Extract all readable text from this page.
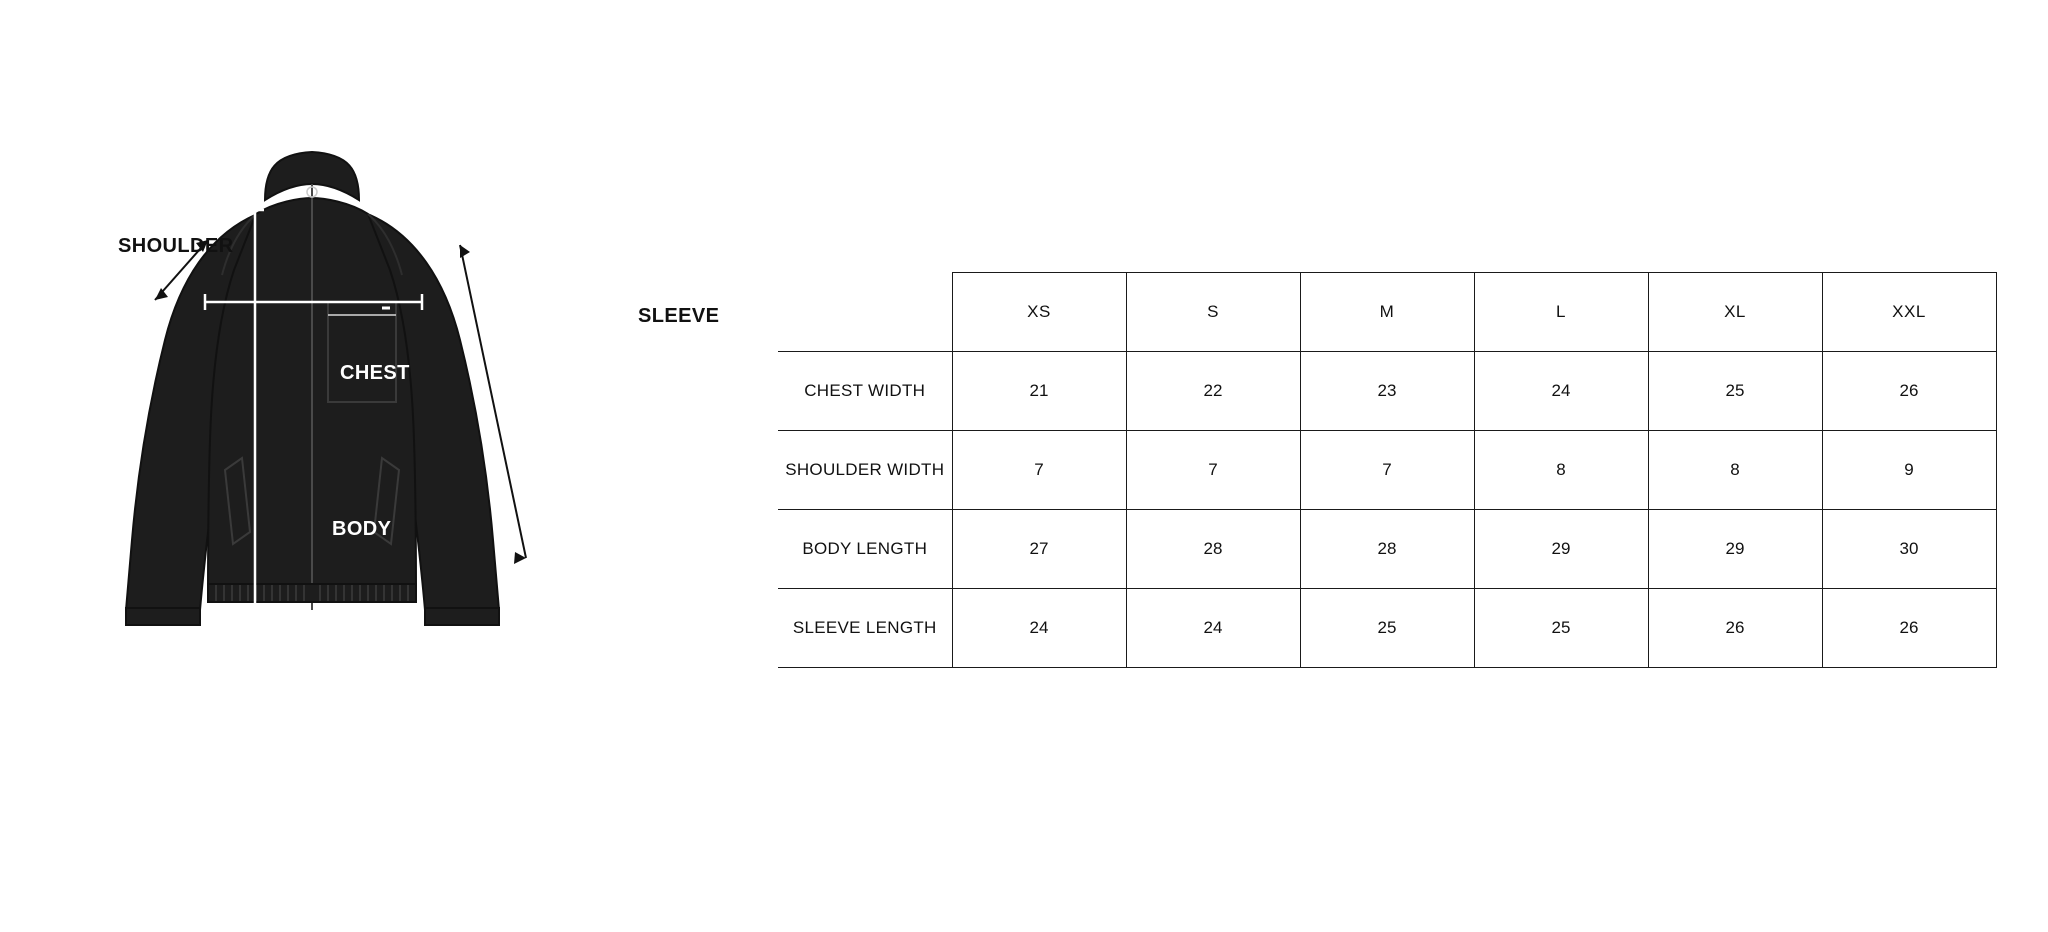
SHOULDER
SLEEVE
CHEST
BODY
	XS	S	M	L	XL	XXL
CHEST WIDTH	21	22	23	24	25	26
SHOULDER WIDTH	7	7	7	8	8	9
BODY LENGTH	27	28	28	29	29	30
SLEEVE LENGTH	24	24	25	25	26	26
